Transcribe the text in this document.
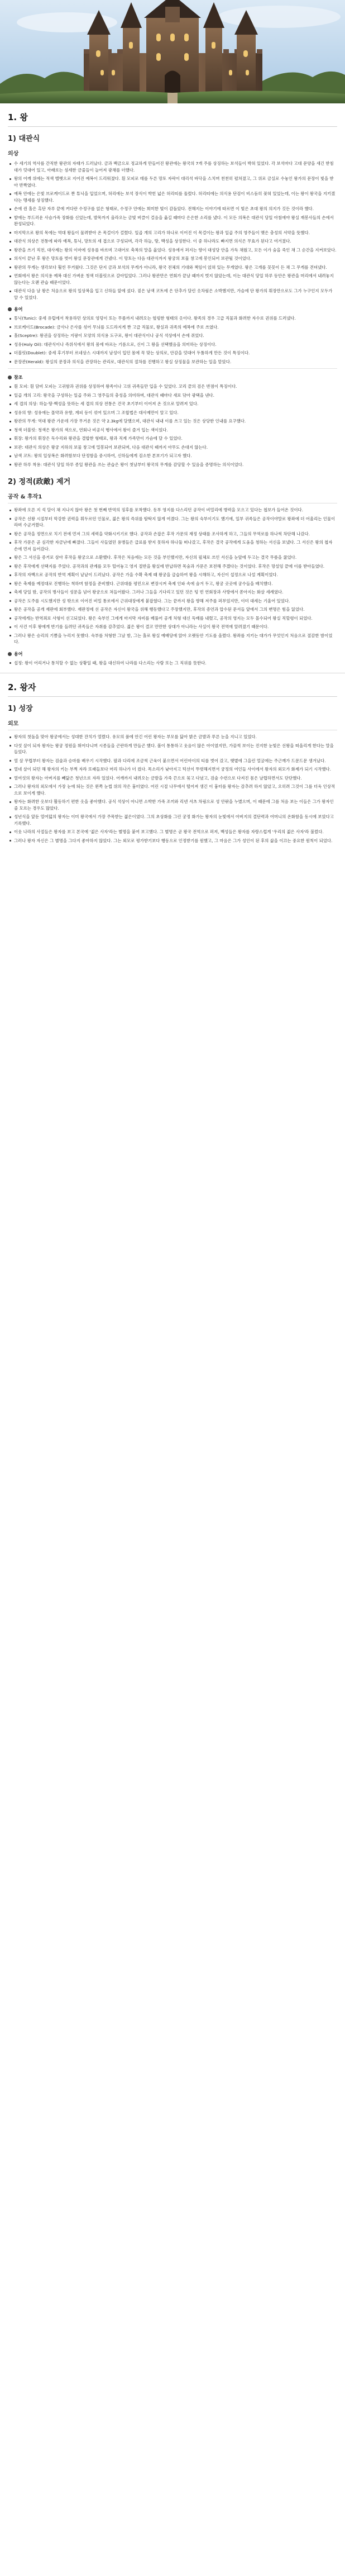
1. 왕
1) 대관식
의상
수 세기의 역사를 간직한 왕관의 자태가 드러났다. 금과 백금으로 정교하게 만들어진 왕관에는 왕국의 7개 주를 상징하는 보석들이 박혀 있었다. 각 보석마다 고대 문양을 새긴 받침대가 덧대어 있고, 아래로는 섬세한 금줄들이 늘어져 광채를 더했다.
왕의 어깨 위에는 적색 벨벳으로 지어진 예복이 드리워졌다. 흰 모피로 테를 두른 망토 자락이 대리석 바닥을 스치며 천천히 펼쳐졌고, 그 위로 금실로 수놓인 왕가의 문장이 빛을 받아 반짝였다.
예복 안에는 은빛 브로케이드로 짠 튜닉을 입었으며, 허리에는 보석 장식이 박힌 넓은 허리띠를 둘렀다. 허리띠에는 의식용 단검이 비스듬히 꽂혀 있었는데, 이는 왕이 왕국을 지키겠다는 맹세를 상징했다.
손에 쥔 홀은 흑단 자루 끝에 커다란 수정구를 얹은 형태로, 수정구 안에는 희미한 빛이 감돌았다. 전해지는 이야기에 따르면 이 빛은 초대 왕의 의지가 깃든 것이라 했다.
발에는 부드러운 사슴가죽 장화를 신었는데, 발목까지 올라오는 금빛 버클이 걸음을 옮길 때마다 은은한 소리를 냈다. 이 모든 의복은 대관식 당일 아침에야 왕실 재봉사들의 손에서 완성되었다.
마지막으로 왕의 목에는 역대 왕들이 물려받아 온 목걸이가 걸렸다. 일곱 개의 고리가 하나로 이어진 이 목걸이는 왕과 일곱 주의 영주들이 맺은 충성의 서약을 뜻했다.
대관식 의상은 전통에 따라 예복, 튜닉, 망토의 세 겹으로 구성되며, 각각 하늘, 땅, 백성을 상징한다. 이 중 하나라도 빠지면 의식은 무효가 된다고 여겨졌다.
왕관을 쓰기 직전, 대사제는 왕의 이마에 성유를 바르며 고대어로 축복의 말을 읊었다. 성유에서 퍼지는 향이 대성당 안을 가득 채웠고, 모든 이가 숨을 죽인 채 그 순간을 지켜보았다.
의식이 끝난 후 왕은 망토를 벗어 왕실 문장관에게 건넸다. 이 망토는 다음 대관식까지 왕궁의 보물 창고에 봉인되어 보관될 것이었다.
왕관의 무게는 생각보다 훨씬 무거웠다. 그것은 단지 금과 보석의 무게가 아니라, 왕국 전체의 기대와 책임이 얹혀 있는 무게였다. 왕은 고개를 꼿꼿이 든 채 그 무게를 견뎌냈다.
연회에서 왕은 의식용 예복 대신 가벼운 청색 더블릿으로 갈아입었다. 그러나 왕관만은 연회가 끝날 때까지 벗지 않았는데, 이는 대관식 당일 하루 동안은 왕관을 머리에서 내려놓지 않는다는 오랜 관습 때문이었다.
대관식 다음 날 왕은 처음으로 왕의 일상복을 입고 신하들 앞에 섰다. 짙은 남색 코트에 은 단추가 달린 옷차림은 소박했지만, 가슴에 단 왕가의 휘장만으로도 그가 누구인지 모두가 알 수 있었다.
용어
튜닉(Tunic): 중세 유럽에서 착용하던 상의로 엉덩이 또는 무릎까지 내려오는 헐렁한 형태의 옷이다. 왕족의 경우 고급 직물과 화려한 자수로 권위를 드러냈다.
브로케이드(Brocade): 금사나 은사를 섞어 무늬를 도드라지게 짠 고급 직물로, 왕실과 귀족의 예복에 주로 쓰였다.
홀(Sceptre): 왕권을 상징하는 지팡이 모양의 의식용 도구로, 왕이 대관식이나 공식 석상에서 손에 쥐었다.
성유(Holy Oil): 대관식이나 즉위식에서 왕의 몸에 바르는 기름으로, 신이 그 왕을 선택했음을 의미하는 상징이다.
더블릿(Doublet): 중세 후기부터 르네상스 시대까지 남성이 입던 몸에 꼭 맞는 상의로, 안감을 덧대어 두툼하게 만든 것이 특징이다.
문장관(Herald): 왕실의 문장과 의식을 관장하는 관리로, 대관식의 절차를 진행하고 왕실 상징물을 보관하는 일을 맡았다.
참조
흰 모피: 흰 담비 모피는 고귀함과 권위를 상징하여 왕족이나 고위 귀족들만 입을 수 있었다. 꼬리 끝의 검은 반점이 특징이다.
일곱 개의 고리: 왕국을 구성하는 일곱 주와 그 영주들의 충성을 의미하며, 대관식 때마다 새로 닦아 광택을 낸다.
세 겹의 의상: 하늘·땅·백성을 뜻하는 세 겹의 의상 전통은 건국 초기부터 이어져 온 것으로 알려져 있다.
성유의 향: 성유에는 몰약과 유향, 계피 등이 섞여 있으며 그 조합법은 대사제만이 알고 있다.
왕관의 무게: 역대 왕관 가운데 가장 무거운 것은 약 2.3kg에 달했으며, 대관식 내내 이를 쓰고 있는 것은 상당한 인내를 요구했다.
청색 더블릿: 청색은 왕가의 색으로, 연회나 비공식 행사에서 왕이 즐겨 입는 색이었다.
휘장: 왕가의 휘장은 독수리와 왕관을 결합한 형태로, 왕과 직계 가족만이 가슴에 달 수 있었다.
보관: 대관식 의상은 왕궁 지하의 보물 창고에 밀봉되어 보관되며, 다음 대관식 때까지 아무도 손대지 않는다.
남색 코트: 왕의 일상복은 화려함보다 단정함을 중시하여, 신하들에게 검소한 본보기가 되고자 했다.
왕관 하루 착용: 대관식 당일 하루 종일 왕관을 쓰는 관습은 왕이 첫날부터 왕국의 무게를 감당할 수 있음을 증명하는 의식이었다.
2) 정적(政敵) 제거
공작 & 후작1
왕좌에 오른 지 석 달이 채 지나지 않아 왕은 첫 번째 반역의 징후를 포착했다. 동부 영지를 다스리던 공작이 비밀리에 병력을 모으고 있다는 첩보가 들어온 것이다.
공작은 선왕 시절부터 막강한 권력을 휘두르던 인물로, 젊은 왕의 즉위를 탐탁지 않게 여겼다. 그는 왕의 숙부이기도 했기에, 일부 귀족들은 공작이야말로 왕좌에 더 어울리는 인물이라며 수군거렸다.
왕은 공작을 정면으로 치기 전에 먼저 그의 세력을 약화시키기로 했다. 공작과 손잡은 후작 가문의 재정 상태를 조사하게 하고, 그들의 무역로를 하나씩 차단해 나갔다.
후작 가문은 곧 심각한 자금난에 빠졌다. 그들이 사들였던 용병들은 급료를 받지 못하자 하나둘 떠나갔고, 후작은 결국 공작에게 도움을 청하는 서신을 보냈다. 그 서신은 왕의 첩자 손에 먼저 들어갔다.
왕은 그 서신을 증거로 삼아 후작을 왕궁으로 소환했다. 후작은 처음에는 모든 것을 부인했지만, 자신의 필체로 쓰인 서신을 눈앞에 두고는 결국 무릎을 꿇었다.
왕은 후작에게 선택지를 주었다. 공작과의 관계를 모두 털어놓고 영지 절반을 왕실에 반납하면 목숨과 가문은 보전해 주겠다는 것이었다. 후작은 망설임 끝에 이를 받아들였다.
후작의 자백으로 공작의 반역 계획이 낱낱이 드러났다. 공작은 가을 수확 축제 때 왕궁을 급습하여 왕을 시해하고, 자신이 섭정으로 나설 계획이었다.
왕은 축제를 예정대로 진행하는 척하며 함정을 준비했다. 근위대를 평민으로 변장시켜 축제 인파 속에 숨겨 두고, 왕궁 곳곳에 궁수들을 배치했다.
축제 당일 밤, 공작의 병사들이 성문을 넘어 왕궁으로 쳐들어왔다. 그러나 그들을 기다리고 있던 것은 텅 빈 연회장과 사방에서 쏟아지는 화살 세례였다.
공작은 도주를 시도했지만 성 밖으로 이어진 비밀 통로에서 근위대장에게 붙잡혔다. 그는 끝까지 왕을 향해 저주를 퍼부었지만, 이미 대세는 기울어 있었다.
왕은 공작을 공개 재판에 회부했다. 재판정에 선 공작은 자신이 왕국을 위해 행동했다고 주장했지만, 후작의 증언과 압수된 문서들 앞에서 그의 변명은 힘을 잃었다.
공작에게는 반역죄로 사형이 선고되었다. 왕은 숙부인 그에게 마지막 자비를 베풀어 공개 처형 대신 독배를 내렸고, 공작의 영지는 모두 몰수되어 왕실 직할령이 되었다.
이 사건 이후 왕에게 반기를 들려던 귀족들은 자취를 감추었다. 젊은 왕이 결코 만만한 상대가 아니라는 사실이 왕국 전역에 알려졌기 때문이다.
그러나 왕은 승리의 기쁨을 누리지 못했다. 숙부를 처형한 그날 밤, 그는 홀로 왕실 예배당에 앉아 오랫동안 기도를 올렸다. 왕좌를 지키는 대가가 무엇인지 처음으로 절감한 밤이었다.
용어
섭정: 왕이 어리거나 통치할 수 없는 상황일 때, 왕을 대신하여 나라를 다스리는 사람 또는 그 직위를 뜻한다.
2. 왕자
1) 성장
외모
왕자의 첫돌을 맞아 왕궁에서는 성대한 잔치가 열렸다. 유모의 품에 안긴 어린 왕자는 부모를 닮아 밝은 금발과 푸른 눈을 지니고 있었다.
다섯 살이 되자 왕자는 왕궁 정원을 뛰어다니며 시종들을 곤란하게 만들곤 했다. 볼이 통통하고 웃음이 많은 아이였지만, 가끔씩 보이는 진지한 눈빛은 선왕을 떠올리게 한다는 말을 들었다.
열 살 무렵부터 왕자는 검술과 승마를 배우기 시작했다. 팔과 다리에 조금씩 근육이 붙으면서 어린아이의 티를 벗어 갔고, 햇볕에 그을린 얼굴에는 주근깨가 드문드문 생겨났다.
열네 살이 되던 해 왕자의 키는 부쩍 자라 또래들보다 머리 하나가 더 컸다. 목소리가 낮아지고 턱선이 뚜렷해지면서 궁정의 여인들 사이에서 왕자의 외모가 화제가 되기 시작했다.
열여섯의 왕자는 아버지를 빼닮은 청년으로 자라 있었다. 어깨까지 내려오는 금발을 가죽 끈으로 묶고 다녔고, 검술 수련으로 다져진 몸은 날렵하면서도 단단했다.
그러나 왕자의 외모에서 가장 눈에 띄는 것은 왼쪽 눈썹 위의 작은 흉터였다. 어린 시절 나무에서 떨어져 생긴 이 흉터를 왕자는 감추려 하지 않았고, 오히려 그것이 그를 더욱 인상적으로 보이게 했다.
왕자는 화려한 옷보다 활동하기 편한 옷을 좋아했다. 공식 석상이 아니면 소박한 가죽 조끼와 리넨 셔츠 차림으로 성 안팎을 누볐으며, 이 때문에 그를 처음 보는 이들은 그가 왕자인 줄 모르는 경우도 많았다.
성년식을 앞둔 열여덟의 왕자는 이미 왕국에서 가장 주목받는 젊은이였다. 그의 초상화를 그린 궁정 화가는 왕자의 눈빛에서 아버지의 결단력과 어머니의 온화함을 동시에 보았다고 기록했다.
이웃 나라의 사절들은 왕자를 보고 본국에 '젊은 사자'라는 별명을 붙여 보고했다. 그 별명은 곧 왕국 전역으로 퍼져, 백성들은 왕자를 자랑스럽게 '우리의 젊은 사자'라 불렀다.
그러나 왕자 자신은 그 별명을 그다지 좋아하지 않았다. 그는 외모로 평가받기보다 행동으로 인정받기를 원했고, 그 마음은 그가 성인이 된 후의 삶을 이끄는 중요한 원칙이 되었다.
